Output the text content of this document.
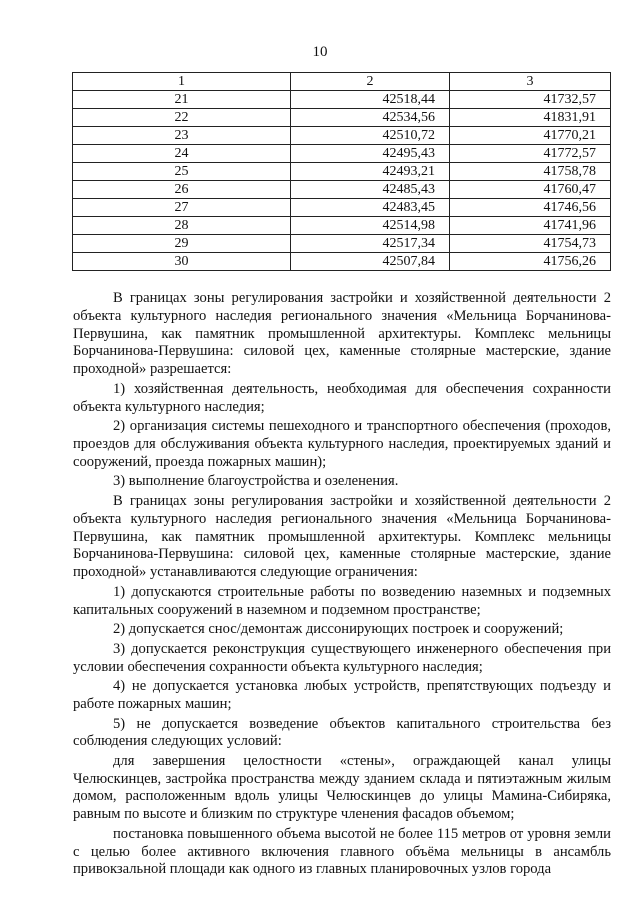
10
1	2	3
21	42518,44	41732,57
22	42534,56	41831,91
23	42510,72	41770,21
24	42495,43	41772,57
25	42493,21	41758,78
26	42485,43	41760,47
27	42483,45	41746,56
28	42514,98	41741,96
29	42517,34	41754,73
30	42507,84	41756,26

В границах зоны регулирования застройки и хозяйственной деятельности 2 объекта культурного наследия регионального значения «Мельница Борчанинова-Первушина, как памятник промышленной архитектуры. Комплекс мельницы Борчанинова-Первушина: силовой цех, каменные столярные мастерские, здание проходной» разрешается:

1) хозяйственная деятельность, необходимая для обеспечения сохранности объекта культурного наследия;

2) организация системы пешеходного и транспортного обеспечения (проходов, проездов для обслуживания объекта культурного наследия, проектируемых зданий и сооружений, проезда пожарных машин);

3) выполнение благоустройства и озеленения.

В границах зоны регулирования застройки и хозяйственной деятельности 2 объекта культурного наследия регионального значения «Мельница Борчанинова-Первушина, как памятник промышленной архитектуры. Комплекс мельницы Борчанинова-Первушина: силовой цех, каменные столярные мастерские, здание проходной» устанавливаются следующие ограничения:

1) допускаются строительные работы по возведению наземных и подземных капитальных сооружений в наземном и подземном пространстве;

2) допускается снос/демонтаж диссонирующих построек и сооружений;

3) допускается реконструкция существующего инженерного обеспечения при условии обеспечения сохранности объекта культурного наследия;

4) не допускается установка любых устройств, препятствующих подъезду и работе пожарных машин;

5) не допускается возведение объектов капитального строительства без соблюдения следующих условий:

для завершения целостности «стены», ограждающей канал улицы Челюскинцев, застройка пространства между зданием склада и пятиэтажным жилым домом, расположенным вдоль улицы Челюскинцев до улицы Мамина-Сибиряка, равным по высоте и близким по структуре членения фасадов объемом;

постановка повышенного объема высотой не более 115 метров от уровня земли с целью более активного включения главного объёма мельницы в ансамбль привокзальной площади как одного из главных планировочных узлов города
